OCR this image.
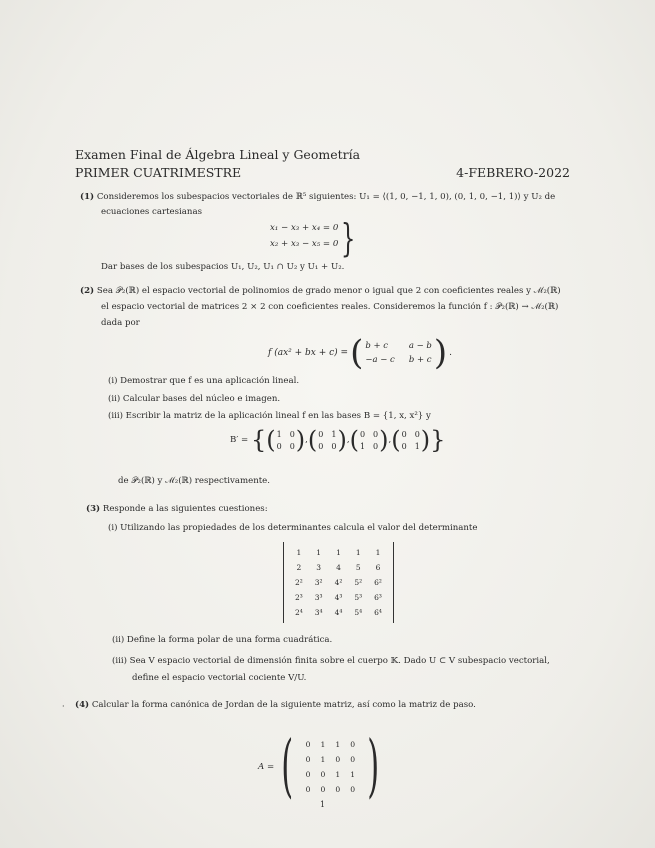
Examen Final de Álgebra Lineal y Geometría
PRIMER CUATRIMESTRE	4-FEBRERO-2022
(1) Consideremos los subespacios vectoriales de ℝ⁵ siguientes: U₁ = ⟨(1, 0, −1, 1, 0), (0, 1, 0, −1, 1)⟩ y U₂ de
ecuaciones cartesianas
x₁ − x₃ + x₄ = 0
x₂ + x₃ − x₅ = 0 }
Dar bases de los subespacios U₁, U₂, U₁ ∩ U₂ y U₁ + U₂.
(2) Sea 𝒫₂(ℝ) el espacio vectorial de polinomios de grado menor o igual que 2 con coeficientes reales y ℳ₂(ℝ)
el espacio vectorial de matrices 2 × 2 con coeficientes reales. Consideremos la función f : 𝒫₂(ℝ) → ℳ₂(ℝ)
dada por
f (ax² + bx + c) = ( b + c	a − b
−a − c b + c ) .
(i) Demostrar que f es una aplicación lineal.
(ii) Calcular bases del núcleo e imagen.
(iii) Escribir la matriz de la aplicación lineal f en las bases B = {1, x, x²} y
B′ =
{ ( 1 0
0 0 ) , ( 0 1
0 0 ) , ( 0 0
1 0 ) , ( 0 0
0 1 ) }
de 𝒫₂(ℝ) y ℳ₂(ℝ) respectivamente.
(3) Responde a las siguientes cuestiones:
(i) Utilizando las propiedades de los determinantes calcula el valor del determinante
1	1	1	1	1
2	3	4	5	6
2²	3²	4²	5²	6²
2³	3³	4³	5³	6³
2⁴	3⁴	4⁴	5⁴	6⁴
(ii) Define la forma polar de una forma cuadrática.
(iii) Sea V espacio vectorial de dimensión finita sobre el cuerpo 𝕂. Dado U ⊂ V subespacio vectorial,
define el espacio vectorial cociente V/U.
· (4) Calcular la forma canónica de Jordan de la siguiente matriz, así como la matriz de paso.
A = ( 0	1	1	0
0	1	0	0
0	0	1	1
0	0	0	0 )
1
